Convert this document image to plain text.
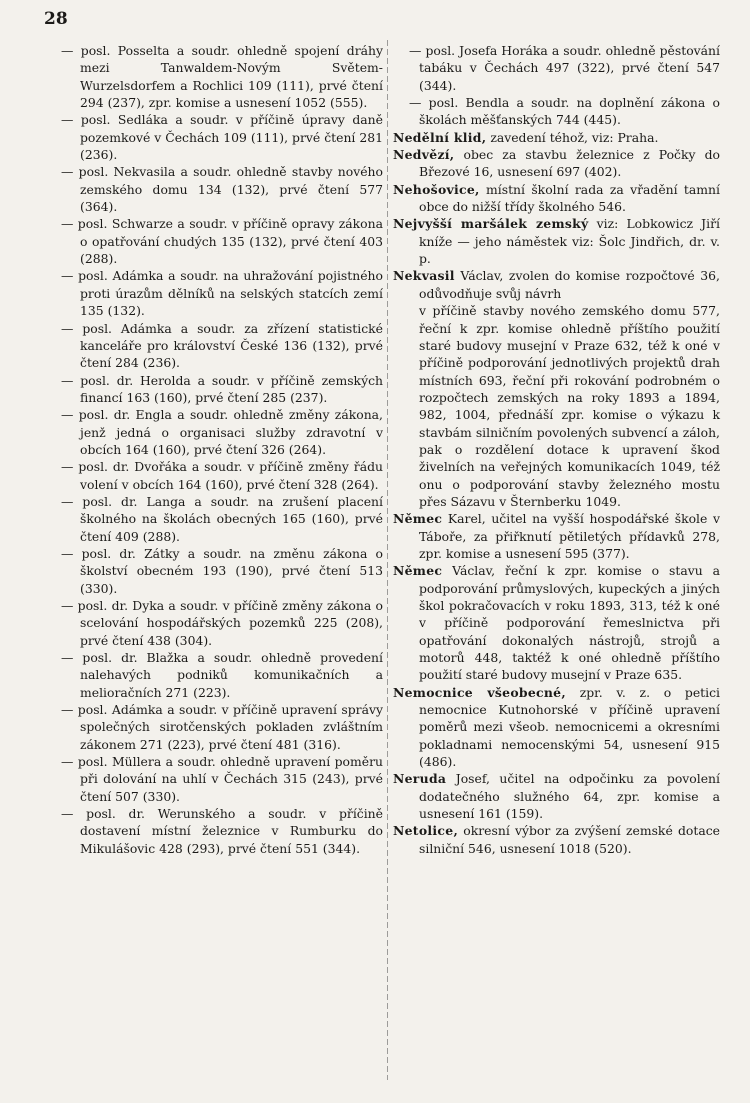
28

— posl. Posselta a soudr. ohledně spojení dráhy mezi Tanwaldem-Novým Světem-Wurzelsdorfem a Rochlici 109 (111), prvé čtení 294 (237), zpr. komise a usnesení 1052 (555).

— posl. Sedláka a soudr. v příčině úpravy daně pozemkové v Čechách 109 (111), prvé čtení 281 (236).

— posl. Nekvasila a soudr. ohledně stavby nového zemského domu 134 (132), prvé čtení 577 (364).

— posl. Schwarze a soudr. v příčině opravy zákona o opatřování chudých 135 (132), prvé čtení 403 (288).

— posl. Adámka a soudr. na uhražování pojistného proti úrazům dělníků na selských statcích zemí 135 (132).

— posl. Adámka a soudr. za zřízení statistické kanceláře pro království České 136 (132), prvé čtení 284 (236).

— posl. dr. Herolda a soudr. v příčině zemských financí 163 (160), prvé čtení 285 (237).

— posl. dr. Engla a soudr. ohledně změny zákona, jenž jedná o organisaci služby zdravotní v obcích 164 (160), prvé čtení 326 (264).

— posl. dr. Dvořáka a soudr. v příčině změny řádu volení v obcích 164 (160), prvé čtení 328 (264).

— posl. dr. Langa a soudr. na zrušení placení školného na školách obecných 165 (160), prvé čtení 409 (288).

— posl. dr. Zátky a soudr. na změnu zákona o školství obecném 193 (190), prvé čtení 513 (330).

— posl. dr. Dyka a soudr. v příčině změny zákona o scelování hospodářských pozemků 225 (208), prvé čtení 438 (304).

— posl. dr. Blažka a soudr. ohledně provedení nalehavých podniků komunikačních a melioračních 271 (223).

— posl. Adámka a soudr. v příčině upravení správy společných sirotčenských pokladen zvláštním zákonem 271 (223), prvé čtení 481 (316).

— posl. Müllera a soudr. ohledně upravení poměru při dolování na uhlí v Čechách 315 (243), prvé čtení 507 (330).

— posl. dr. Werunského a soudr. v příčině dostavení místní železnice v Rumburku do Mikulášovic 428 (293), prvé čtení 551 (344).

— posl. Josefa Horáka a soudr. ohledně pěstování tabáku v Čechách 497 (322), prvé čtení 547 (344).

— posl. Bendla a soudr. na doplnění zákona o školách měšťanských 744 (445).

Nedělní klid, zavedení téhož, viz: Praha.

Nedvězí, obec za stavbu železnice z Počky do Březové 16, usnesení 697 (402).

Nehošovice, místní školní rada za vřadění tamní obce do nižší třídy školného 546.

Nejvyšší maršálek zemský viz: Lobkowicz Jiří kníže — jeho náměstek viz: Šolc Jindřich, dr. v. p.

Nekvasil Václav, zvolen do komise rozpočtové 36, odůvodňuje svůj návrh

v příčině stavby nového zemského domu 577, řeční k zpr. komise ohledně příštího použití staré budovy musejní v Praze 632, též k oné v příčině podporování jednotlivých projektů drah místních 693, řeční při rokování podrobném o rozpočtech zemských na roky 1893 a 1894, 982, 1004, přednáší zpr. komise o výkazu k stavbám silničním povolených subvencí a záloh, pak o rozdělení dotace k upravení škod živelních na veřejných komunikacích 1049, též onu o podporování stavby železného mostu přes Sázavu v Šternberku 1049.

Němec Karel, učitel na vyšší hospodářské škole v Táboře, za přiřknutí pětiletých přídavků 278, zpr. komise a usnesení 595 (377).

Němec Václav, řeční k zpr. komise o stavu a podporování průmyslových, kupeckých a jiných škol pokračovacích v roku 1893, 313, též k oné v příčině podporování řemeslnictva při opatřování dokonalých nástrojů, strojů a motorů 448, taktéž k oné ohledně příštího použití staré budovy musejní v Praze 635.

Nemocnice všeobecné, zpr. v. z. o petici nemocnice Kutnohorské v příčině upravení poměrů mezi všeob. nemocnicemi a okresními pokladnami nemocenskými 54, usnesení 915 (486).

Neruda Josef, učitel na odpočinku za povolení dodatečného služného 64, zpr. komise a usnesení 161 (159).

Netolice, okresní výbor za zvýšení zemské dotace silniční 546, usnesení 1018 (520).
